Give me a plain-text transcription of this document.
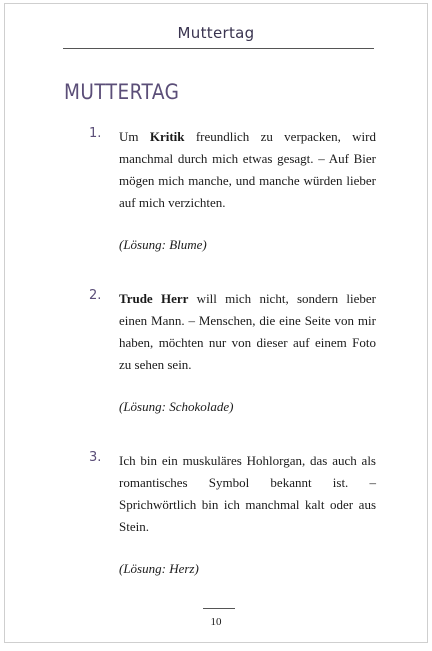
Muttertag
MUTTERTAG
1. Um Kritik freundlich zu verpacken, wird manchmal durch mich etwas gesagt. – Auf Bier mögen mich manche, und manche würden lieber auf mich verzichten.

(Lösung: Blume)

2. Trude Herr will mich nicht, sondern lieber einen Mann. – Menschen, die eine Seite von mir haben, möchten nur von dieser auf einem Foto zu sehen sein.

(Lösung: Schokolade)

3. Ich bin ein muskuläres Hohlorgan, das auch als romantisches Symbol bekannt ist. – Sprichwörtlich bin ich manchmal kalt oder aus Stein.

(Lösung: Herz)

10
